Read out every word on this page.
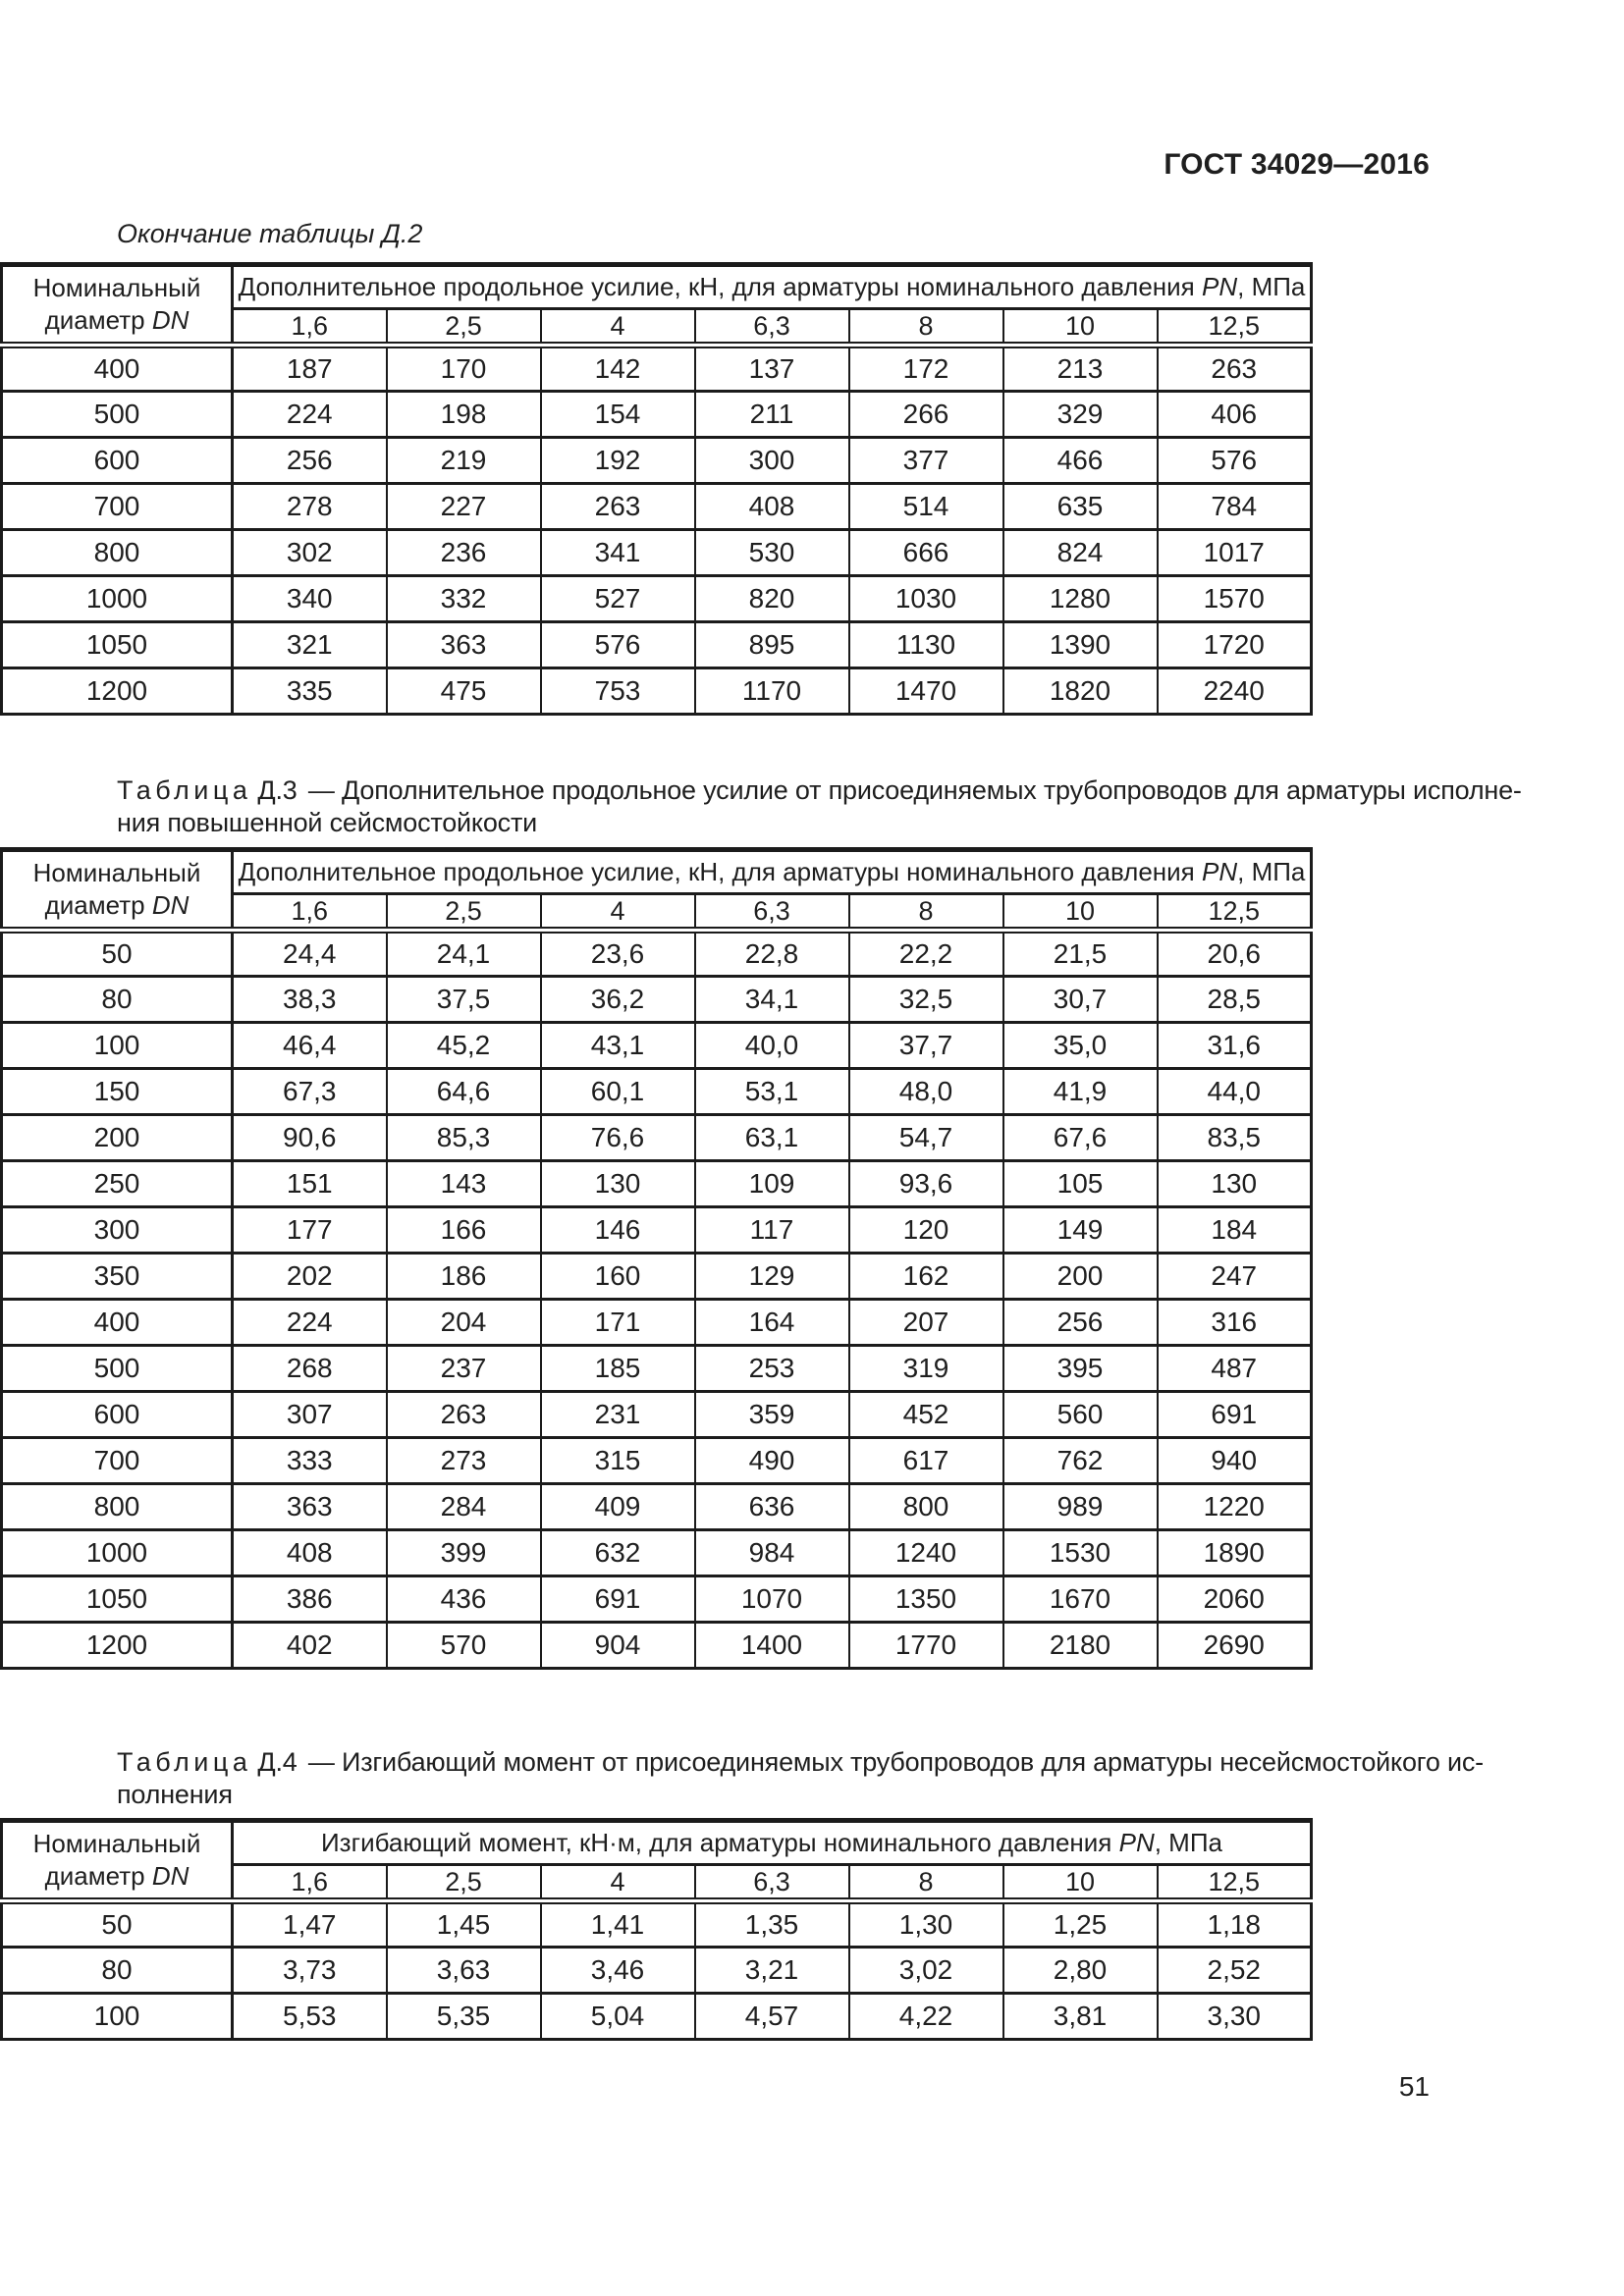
ГОСТ 34029—2016
Окончание таблицы Д.2
Номинальный
диаметр DN	Дополнительное продольное усилие, кН, для арматуры номинального давления PN, МПа						
	1,6	2,5	4	6,3	8	10	12,5
400	187	170	142	137	172	213	263
500	224	198	154	211	266	329	406
600	256	219	192	300	377	466	576
700	278	227	263	408	514	635	784
800	302	236	341	530	666	824	1017
1000	340	332	527	820	1030	1280	1570
1050	321	363	576	895	1130	1390	1720
1200	335	475	753	1170	1470	1820	2240
Таблица Д.3 — Дополнительное продольное усилие от присоединяемых трубопроводов для арматуры исполне-
ния повышенной сейсмостойкости
Номинальный
диаметр DN	Дополнительное продольное усилие, кН, для арматуры номинального давления PN, МПа						
	1,6	2,5	4	6,3	8	10	12,5
50	24,4	24,1	23,6	22,8	22,2	21,5	20,6
80	38,3	37,5	36,2	34,1	32,5	30,7	28,5
100	46,4	45,2	43,1	40,0	37,7	35,0	31,6
150	67,3	64,6	60,1	53,1	48,0	41,9	44,0
200	90,6	85,3	76,6	63,1	54,7	67,6	83,5
250	151	143	130	109	93,6	105	130
300	177	166	146	117	120	149	184
350	202	186	160	129	162	200	247
400	224	204	171	164	207	256	316
500	268	237	185	253	319	395	487
600	307	263	231	359	452	560	691
700	333	273	315	490	617	762	940
800	363	284	409	636	800	989	1220
1000	408	399	632	984	1240	1530	1890
1050	386	436	691	1070	1350	1670	2060
1200	402	570	904	1400	1770	2180	2690
Таблица Д.4 — Изгибающий момент от присоединяемых трубопроводов для арматуры несейсмостойкого ис-
полнения
Номинальный
диаметр DN	Изгибающий момент, кН·м, для арматуры номинального давления PN, МПа						
	1,6	2,5	4	6,3	8	10	12,5
50	1,47	1,45	1,41	1,35	1,30	1,25	1,18
80	3,73	3,63	3,46	3,21	3,02	2,80	2,52
100	5,53	5,35	5,04	4,57	4,22	3,81	3,30
51
